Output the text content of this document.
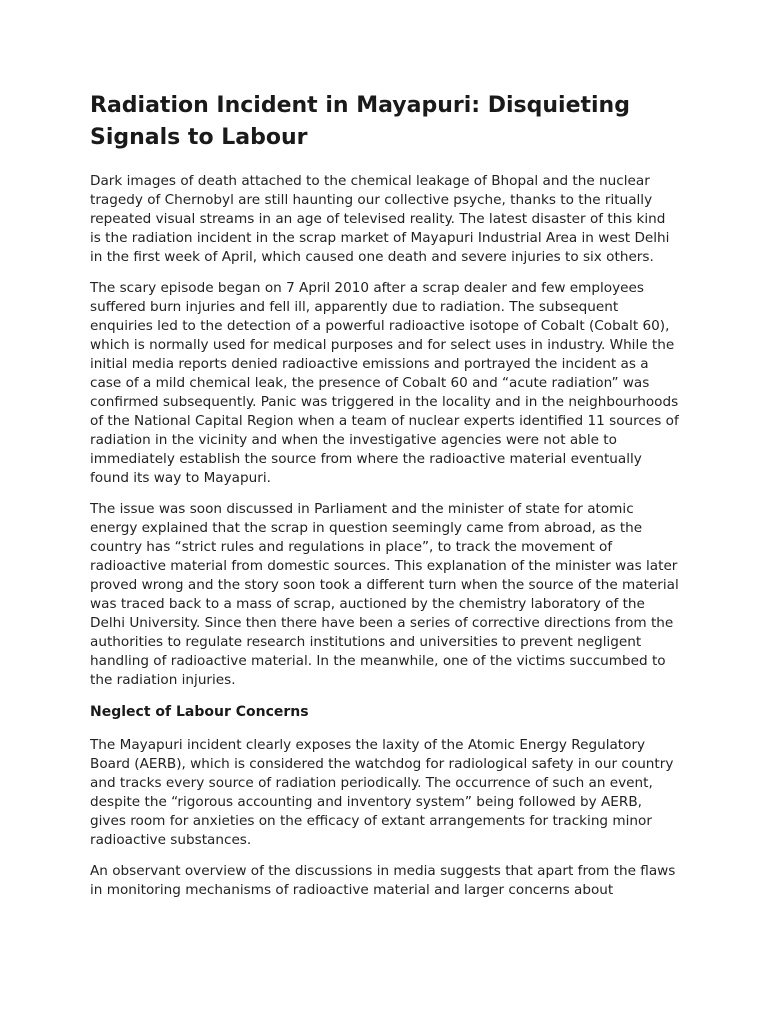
Radiation Incident in Mayapuri: Disquieting Signals to Labour

Dark images of death attached to the chemical leakage of Bhopal and the nuclear tragedy of Chernobyl are still haunting our collective psyche, thanks to the ritually repeated visual streams in an age of televised reality. The latest disaster of this kind is the radiation incident in the scrap market of Mayapuri Industrial Area in west Delhi in the first week of April, which caused one death and severe injuries to six others.

The scary episode began on 7 April 2010 after a scrap dealer and few employees suffered burn injuries and fell ill, apparently due to radiation. The subsequent enquiries led to the detection of a powerful radioactive isotope of Cobalt (Cobalt 60), which is normally used for medical purposes and for select uses in industry. While the initial media reports denied radioactive emissions and portrayed the incident as a case of a mild chemical leak, the presence of Cobalt 60 and “acute radiation” was confirmed subsequently. Panic was triggered in the locality and in the neighbourhoods of the National Capital Region when a team of nuclear experts identified 11 sources of radiation in the vicinity and when the investigative agencies were not able to immediately establish the source from where the radioactive material eventually found its way to Mayapuri.

The issue was soon discussed in Parliament and the minister of state for atomic energy explained that the scrap in question seemingly came from abroad, as the country has “strict rules and regulations in place”, to track the movement of radioactive material from domestic sources. This explanation of the minister was later proved wrong and the story soon took a different turn when the source of the material was traced back to a mass of scrap, auctioned by the chemistry laboratory of the Delhi University. Since then there have been a series of corrective directions from the authorities to regulate research institutions and universities to prevent negligent handling of radioactive material. In the meanwhile, one of the victims succumbed to the radiation injuries.

Neglect of Labour Concerns

The Mayapuri incident clearly exposes the laxity of the Atomic Energy Regulatory Board (AERB), which is considered the watchdog for radiological safety in our country and tracks every source of radiation periodically. The occurrence of such an event, despite the “rigorous accounting and inventory system” being followed by AERB, gives room for anxieties on the efficacy of extant arrangements for tracking minor radioactive substances.

An observant overview of the discussions in media suggests that apart from the flaws in monitoring mechanisms of radioactive material and larger concerns about
